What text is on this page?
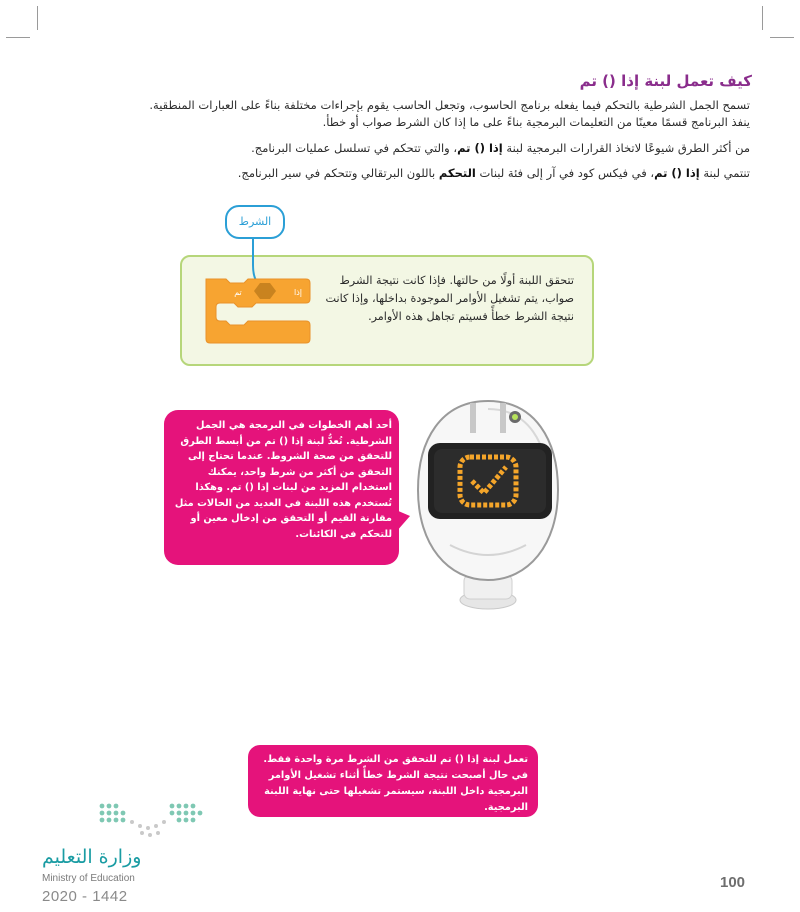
كيف تعمل لبنة إذا () تم
تسمح الجمل الشرطية بالتحكم فيما يفعله برنامج الحاسوب، وتجعل الحاسب يقوم بإجراءات مختلفة بناءً على العبارات المنطقية.
ينفذ البرنامج قسمًا معينًا من التعليمات البرمجية بناءً على ما إذا كان الشرط صواب أو خطأ.
من أكثر الطرق شيوعًا لاتخاذ القرارات البرمجية لبنة إذا () تم، والتي تتحكم في تسلسل عمليات البرنامج.
تنتمي لبنة إذا () تم، في فيكس كود في آر إلى فئة لبنات التحكم باللون البرتقالي وتتحكم في سير البرنامج.
تتحقق اللبنة أولًا من حالتها. فإذا كانت نتيجة الشرط صواب، يتم تشغيل الأوامر الموجودة بداخلها، وإذا كانت نتيجة الشرط خطأً فسيتم تجاهل هذه الأوامر.
إذا
تم
الشرط
أحد أهم الخطوات في البرمجة هي الجمل الشرطية. تُعدُّ لبنة إذا () تم من أبسط الطرق للتحقق من صحة الشروط. عندما تحتاج إلى التحقق من أكثر من شرط واحد، يمكنك استخدام المزيد من لبنات إذا () تم. وهكذا تُستخدم هذه اللبنة في العديد من الحالات مثل مقارنة القيم أو التحقق من إدخال معين أو للتحكم في الكائنات.
تعمل لبنة إذا () تم للتحقق من الشرط مرة واحدة فقط.
في حال أصبحت نتيجة الشرط خطأً أثناء تشغيل الأوامر البرمجية داخل اللبنة، سيستمر تشغيلها حتى نهاية اللبنة البرمجية.
وزارة التعليم
Ministry of Education
2020 - 1442
100
